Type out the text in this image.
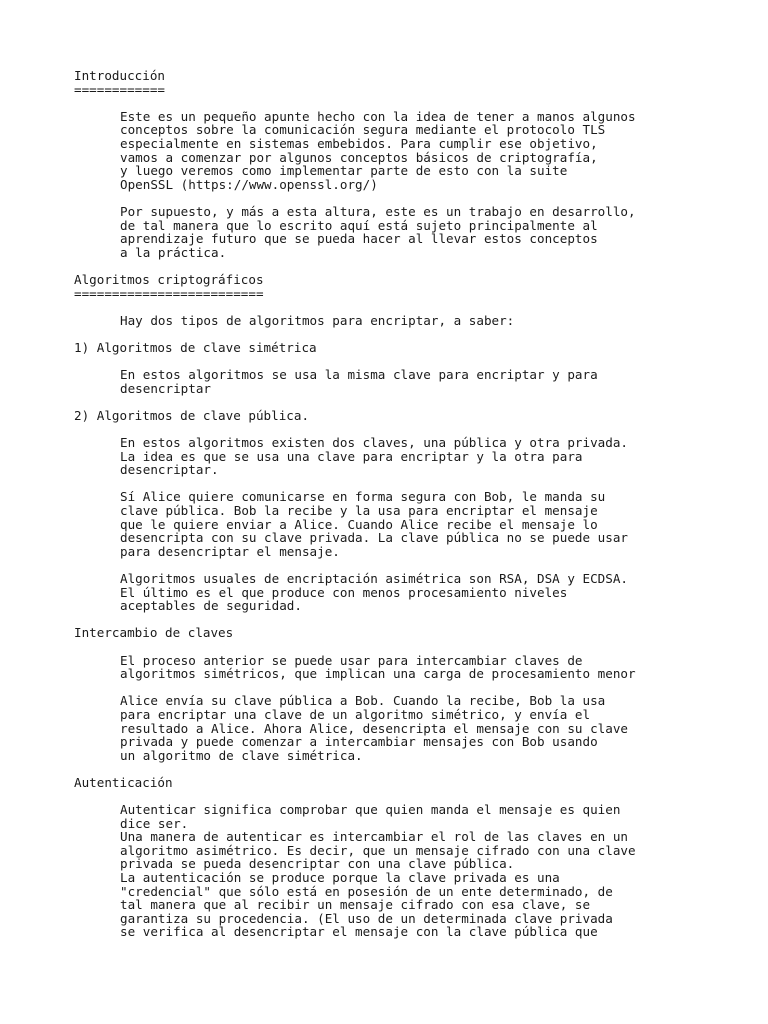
Introducción
============
Este es un pequeño apunte hecho con la idea de tener a manos algunos
conceptos sobre la comunicación segura mediante el protocolo TLS
especialmente en sistemas embebidos. Para cumplir ese objetivo,
vamos a comenzar por algunos conceptos básicos de criptografía,
y luego veremos como implementar parte de esto con la suite
OpenSSL (https://www.openssl.org/)
Por supuesto, y más a esta altura, este es un trabajo en desarrollo,
de tal manera que lo escrito aquí está sujeto principalmente al
aprendizaje futuro que se pueda hacer al llevar estos conceptos
a la práctica.
Algoritmos criptográficos
=========================
Hay dos tipos de algoritmos para encriptar, a saber:
1) Algoritmos de clave simétrica
En estos algoritmos se usa la misma clave para encriptar y para
desencriptar
2) Algoritmos de clave pública.
En estos algoritmos existen dos claves, una pública y otra privada.
La idea es que se usa una clave para encriptar y la otra para
desencriptar.
Sí Alice quiere comunicarse en forma segura con Bob, le manda su
clave pública. Bob la recibe y la usa para encriptar el mensaje
que le quiere enviar a Alice. Cuando Alice recibe el mensaje lo
desencripta con su clave privada. La clave pública no se puede usar
para desencriptar el mensaje.
Algoritmos usuales de encriptación asimétrica son RSA, DSA y ECDSA.
El último es el que produce con menos procesamiento niveles
aceptables de seguridad.
Intercambio de claves
El proceso anterior se puede usar para intercambiar claves de
algoritmos simétricos, que implican una carga de procesamiento menor
Alice envía su clave pública a Bob. Cuando la recibe, Bob la usa
para encriptar una clave de un algoritmo simétrico, y envía el
resultado a Alice. Ahora Alice, desencripta el mensaje con su clave
privada y puede comenzar a intercambiar mensajes con Bob usando
un algoritmo de clave simétrica.
Autenticación
Autenticar significa comprobar que quien manda el mensaje es quien
dice ser.
Una manera de autenticar es intercambiar el rol de las claves en un
algoritmo asimétrico. Es decir, que un mensaje cifrado con una clave
privada se pueda desencriptar con una clave pública.
La autenticación se produce porque la clave privada es una
"credencial" que sólo está en posesión de un ente determinado, de
tal manera que al recibir un mensaje cifrado con esa clave, se
garantiza su procedencia. (El uso de un determinada clave privada
se verifica al desencriptar el mensaje con la clave pública que
